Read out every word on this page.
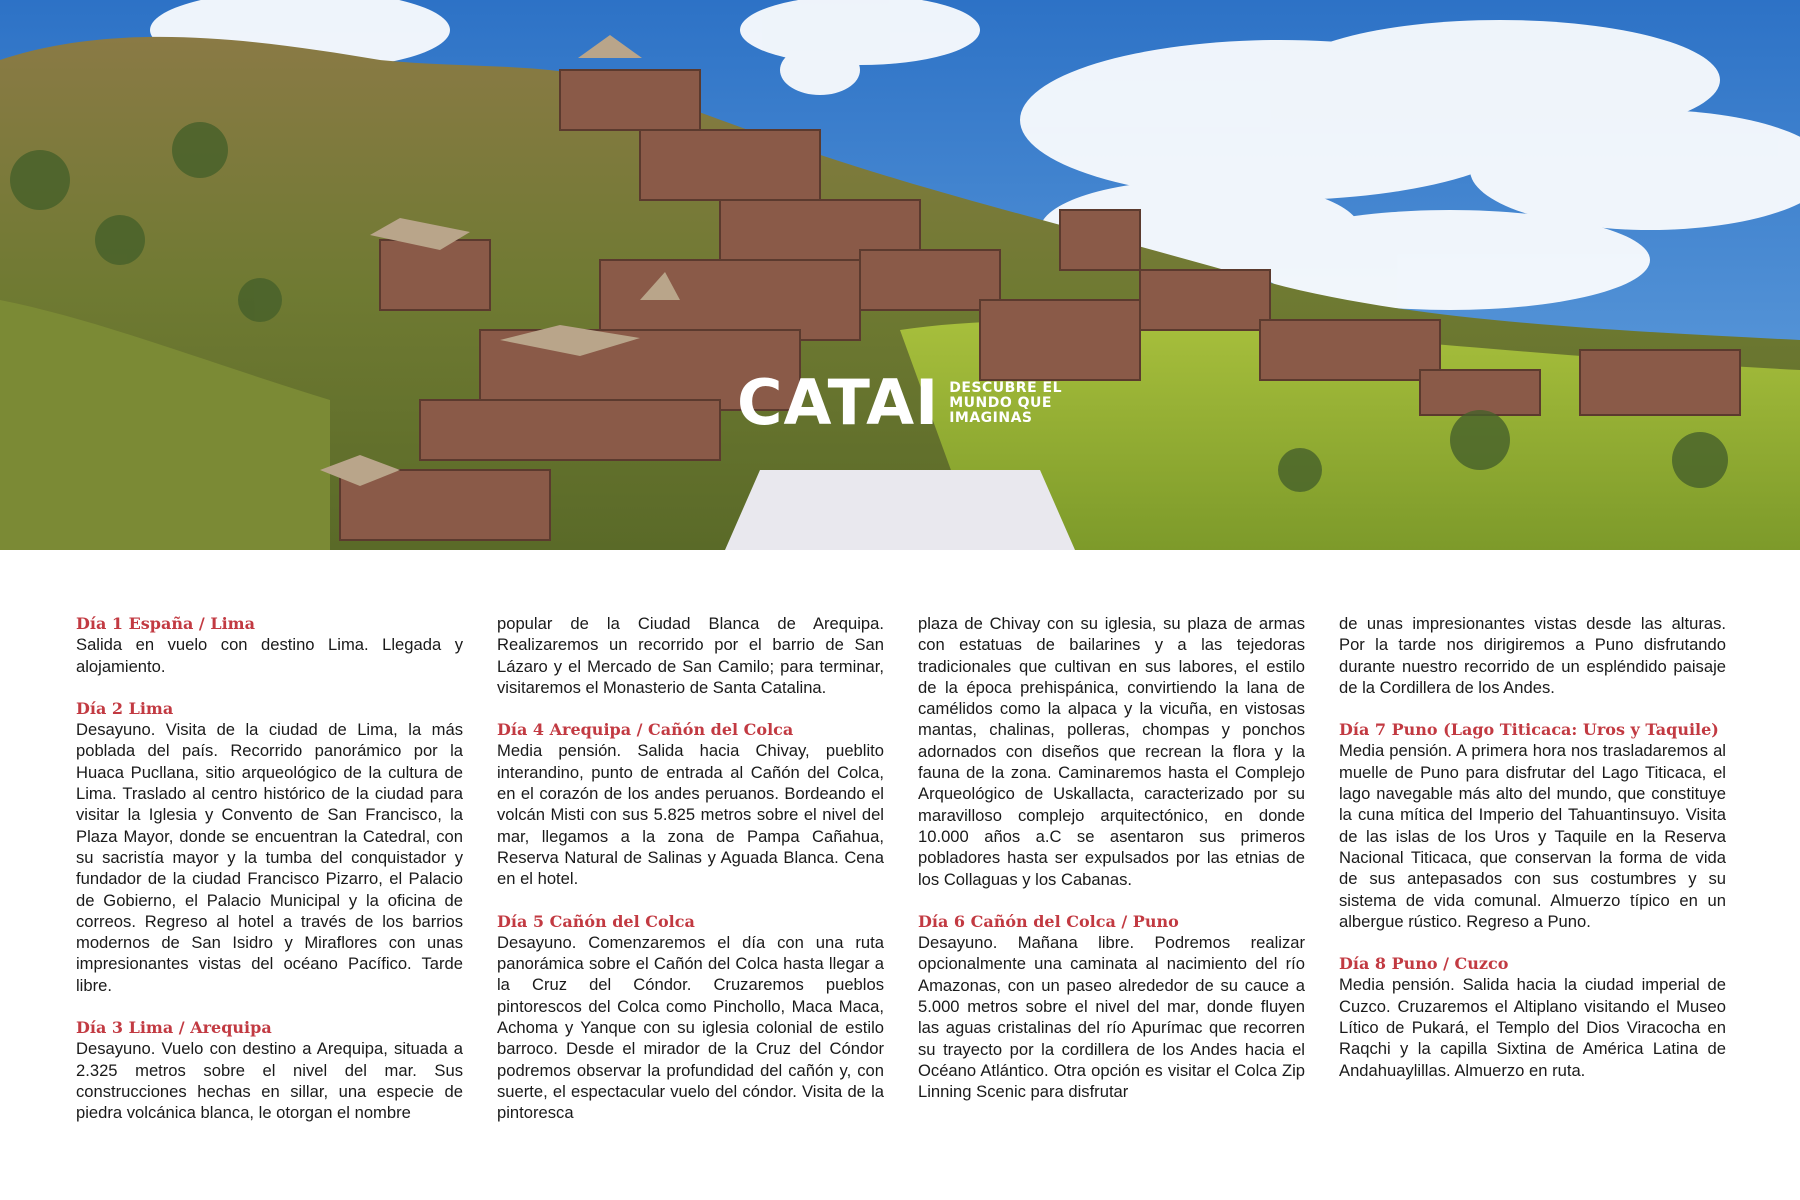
CATAI DESCUBRE EL MUNDO QUE IMAGINAS
Día 1 España / Lima
Salida en vuelo con destino Lima. Llegada y alojamiento.
Día 2 Lima
Desayuno. Visita de la ciudad de Lima, la más poblada del país. Recorrido panorámico por la Huaca Pucllana, sitio arqueológico de la cultura de Lima. Traslado al centro histórico de la ciudad para visitar la Iglesia y Convento de San Francisco, la Plaza Mayor, donde se encuentran la Catedral, con su sacristía mayor y la tumba del conquistador y fundador de la ciudad Francisco Pizarro, el Palacio de Gobierno, el Palacio Municipal y la oficina de correos. Regreso al hotel a través de los barrios modernos de San Isidro y Miraflores con unas impresionantes vistas del océano Pacífico. Tarde libre.
Día 3 Lima / Arequipa
Desayuno. Vuelo con destino a Arequipa, situada a 2.325 metros sobre el nivel del mar. Sus construcciones hechas en sillar, una especie de piedra volcánica blanca, le otorgan el nombre
popular de la Ciudad Blanca de Arequipa. Realizaremos un recorrido por el barrio de San Lázaro y el Mercado de San Camilo; para terminar, visitaremos el Monasterio de Santa Catalina.
Día 4 Arequipa / Cañón del Colca
Media pensión. Salida hacia Chivay, pueblito interandino, punto de entrada al Cañón del Colca, en el corazón de los andes peruanos. Bordeando el volcán Misti con sus 5.825 metros sobre el nivel del mar, llegamos a la zona de Pampa Cañahua, Reserva Natural de Salinas y Aguada Blanca. Cena en el hotel.
Día 5 Cañón del Colca
Desayuno. Comenzaremos el día con una ruta panorámica sobre el Cañón del Colca hasta llegar a la Cruz del Cóndor. Cruzaremos pueblos pintorescos del Colca como Pinchollo, Maca Maca, Achoma y Yanque con su iglesia colonial de estilo barroco. Desde el mirador de la Cruz del Cóndor podremos observar la profundidad del cañón y, con suerte, el espectacular vuelo del cóndor. Visita de la pintoresca
plaza de Chivay con su iglesia, su plaza de armas con estatuas de bailarines y a las tejedoras tradicionales que cultivan en sus labores, el estilo de la época prehispánica, convirtiendo la lana de camélidos como la alpaca y la vicuña, en vistosas mantas, chalinas, polleras, chompas y ponchos adornados con diseños que recrean la flora y la fauna de la zona. Caminaremos hasta el Complejo Arqueológico de Uskallacta, caracterizado por su maravilloso complejo arquitectónico, en donde 10.000 años a.C se asentaron sus primeros pobladores hasta ser expulsados por las etnias de los Collaguas y los Cabanas.
Día 6 Cañón del Colca / Puno
Desayuno. Mañana libre. Podremos realizar opcionalmente una caminata al nacimiento del río Amazonas, con un paseo alrededor de su cauce a 5.000 metros sobre el nivel del mar, donde fluyen las aguas cristalinas del río Apurímac que recorren su trayecto por la cordillera de los Andes hacia el Océano Atlántico. Otra opción es visitar el Colca Zip Linning Scenic para disfrutar
de unas impresionantes vistas desde las alturas. Por la tarde nos dirigiremos a Puno disfrutando durante nuestro recorrido de un espléndido paisaje de la Cordillera de los Andes.
Día 7 Puno (Lago Titicaca: Uros y Taquile)
Media pensión. A primera hora nos trasladaremos al muelle de Puno para disfrutar del Lago Titicaca, el lago navegable más alto del mundo, que constituye la cuna mítica del Imperio del Tahuantinsuyo. Visita de las islas de los Uros y Taquile en la Reserva Nacional Titicaca, que conservan la forma de vida de sus antepasados con sus costumbres y su sistema de vida comunal. Almuerzo típico en un albergue rústico. Regreso a Puno.
Día 8 Puno / Cuzco
Media pensión. Salida hacia la ciudad imperial de Cuzco. Cruzaremos el Altiplano visitando el Museo Lítico de Pukará, el Templo del Dios Viracocha en Raqchi y la capilla Sixtina de América Latina de Andahuaylillas. Almuerzo en ruta.
